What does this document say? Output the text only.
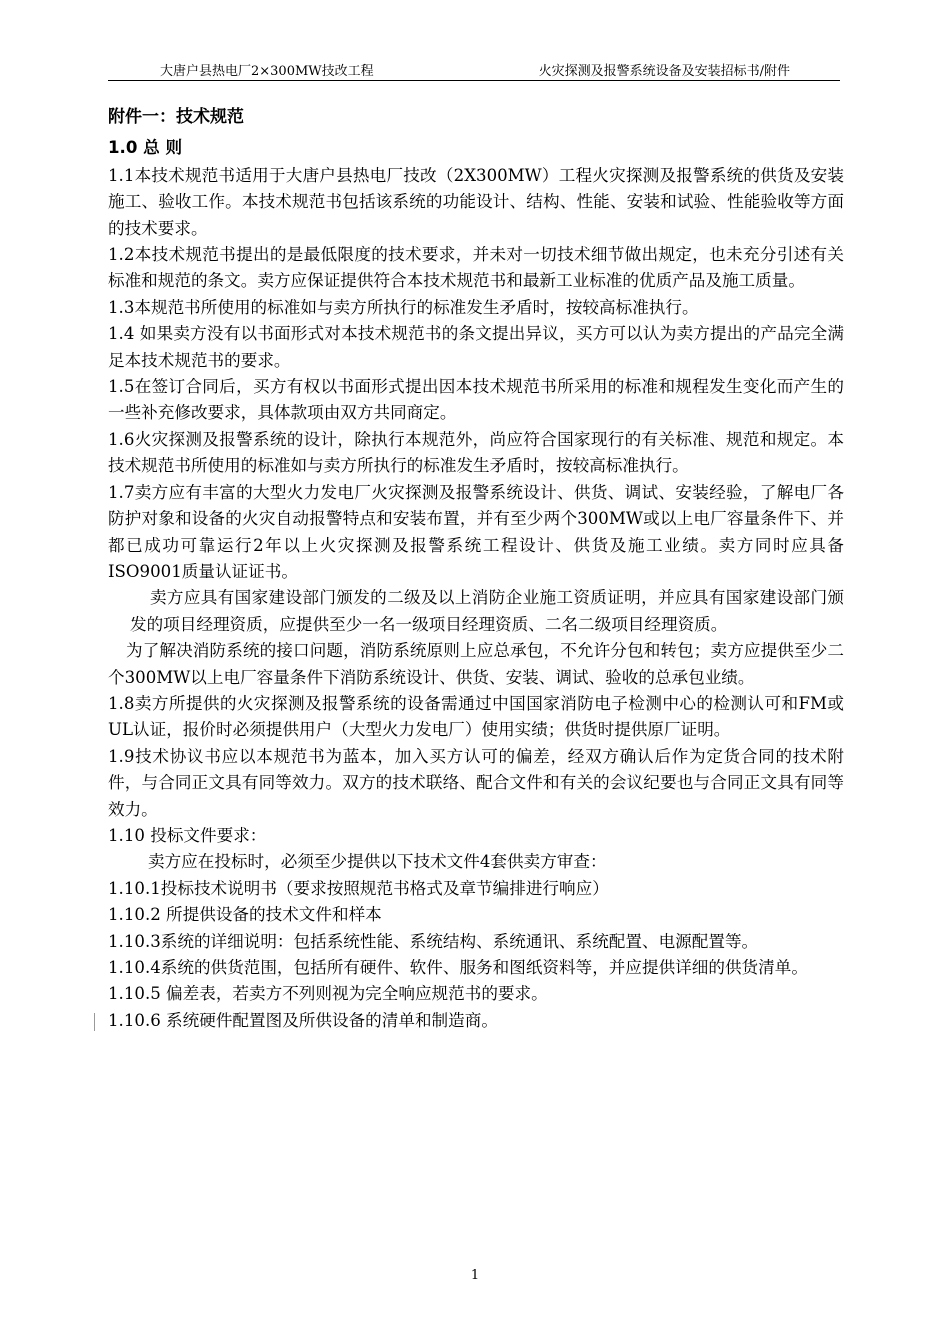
大唐户县热电厂2×300MW技改工程	火灾探测及报警系统设备及安装招标书/附件

附件一：技术规范

1.0 总 则

1.1本技术规范书适用于大唐户县热电厂技改（2X300MW）工程火灾探测及报警系统的供货及安装施工、验收工作。本技术规范书包括该系统的功能设计、结构、性能、安装和试验、性能验收等方面的技术要求。

1.2本技术规范书提出的是最低限度的技术要求，并未对一切技术细节做出规定，也未充分引述有关标准和规范的条文。卖方应保证提供符合本技术规范书和最新工业标准的优质产品及施工质量。

1.3本规范书所使用的标准如与卖方所执行的标准发生矛盾时，按较高标准执行。

1.4 如果卖方没有以书面形式对本技术规范书的条文提出异议，买方可以认为卖方提出的产品完全满足本技术规范书的要求。

1.5在签订合同后，买方有权以书面形式提出因本技术规范书所采用的标准和规程发生变化而产生的一些补充修改要求，具体款项由双方共同商定。

1.6火灾探测及报警系统的设计，除执行本规范外，尚应符合国家现行的有关标准、规范和规定。本技术规范书所使用的标准如与卖方所执行的标准发生矛盾时，按较高标准执行。

1.7卖方应有丰富的大型火力发电厂火灾探测及报警系统设计、供货、调试、安装经验，了解电厂各防护对象和设备的火灾自动报警特点和安装布置，并有至少两个300MW或以上电厂容量条件下、并都已成功可靠运行2年以上火灾探测及报警系统工程设计、供货及施工业绩。卖方同时应具备ISO9001质量认证证书。

卖方应具有国家建设部门颁发的二级及以上消防企业施工资质证明，并应具有国家建设部门颁发的项目经理资质，应提供至少一名一级项目经理资质、二名二级项目经理资质。

为了解决消防系统的接口问题，消防系统原则上应总承包，不允许分包和转包；卖方应提供至少二个300MW以上电厂容量条件下消防系统设计、供货、安装、调试、验收的总承包业绩。

1.8卖方所提供的火灾探测及报警系统的设备需通过中国国家消防电子检测中心的检测认可和FM或UL认证，报价时必须提供用户（大型火力发电厂）使用实绩；供货时提供原厂证明。

1.9技术协议书应以本规范书为蓝本，加入买方认可的偏差，经双方确认后作为定货合同的技术附件，与合同正文具有同等效力。双方的技术联络、配合文件和有关的会议纪要也与合同正文具有同等效力。

1.10 投标文件要求：

卖方应在投标时，必须至少提供以下技术文件4套供卖方审查：

1.10.1投标技术说明书（要求按照规范书格式及章节编排进行响应）

1.10.2 所提供设备的技术文件和样本

1.10.3系统的详细说明：包括系统性能、系统结构、系统通讯、系统配置、电源配置等。

1.10.4系统的供货范围，包括所有硬件、软件、服务和图纸资料等，并应提供详细的供货清单。

1.10.5 偏差表，若卖方不列则视为完全响应规范书的要求。

1.10.6 系统硬件配置图及所供设备的清单和制造商。

1
